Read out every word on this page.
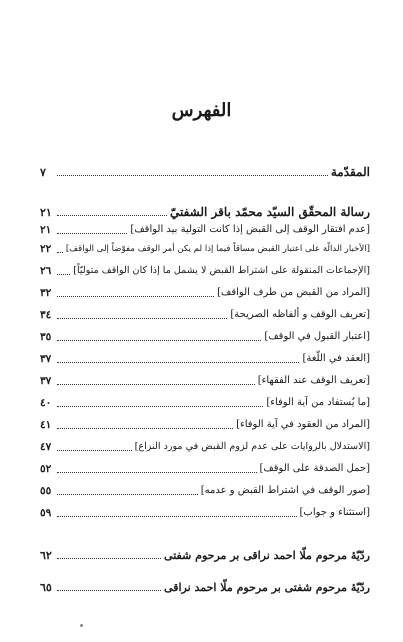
الفهرس
المقدّمة
٧
رسالة المحقّق السيّد محمّد باقر الشفتيّ
٢١
[عدم افتقار الوقف إلى القبض إذا كانت التولية بيد الواقف]
٢١
[الأخبار الدالّة على اعتبار القبض مساقاً فيما إذا لم يكن أمر الوقف مفوّضاً إلى الواقف]
٢٢
[الإجماعات المنقولة على اشتراط القبض لا يشمل ما إذا كان الواقف متوليّاً]
٢٦
[المراد من القبض من طرف الواقف]
٣٢
[تعريف الوقف و ألفاظه الصريحة]
٣٤
[اعتبار القبول في الوقف]
٣٥
[العقد في اللّغة]
٣٧
[تعريف الوقف عند الفقهاء]
٣٧
[ما يُستفاد من آية الوفاء]
٤٠
[المراد من العقود في آية الوفاء]
٤١
[الاستدلال بالروايات على عدم لزوم القبض في مورد النزاع]
٤٧
[حمل الصدقة على الوقف]
٥٢
[صور الوقف في اشتراط القبض و عدمه]
٥٥
[استثناء و جواب]
٥٩
ردّيّهٔ مرحوم ملّا احمد نراقی بر مرحوم شفتی
٦٢
ردّيّهٔ مرحوم شفتی بر مرحوم ملّا احمد نراقی
٦٥
